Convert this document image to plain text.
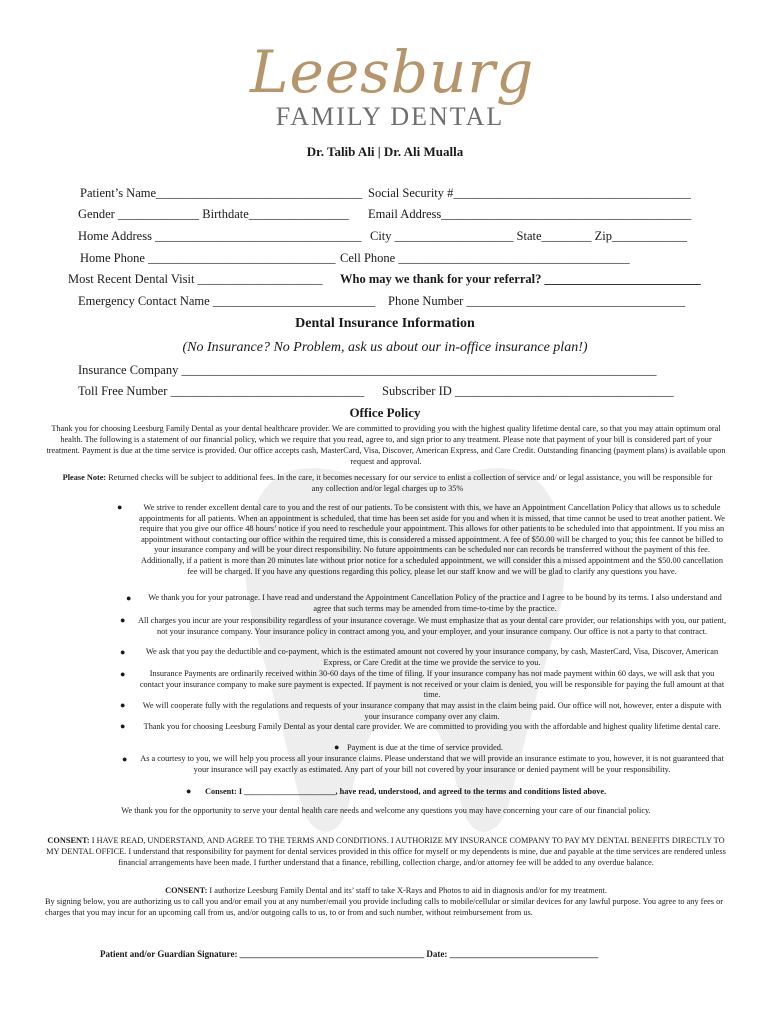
Leesburg
FAMILY DENTAL
Dr. Talib Ali | Dr. Ali Mualla
Patient’s Name_________________________________ Social Security #______________________________________
Gender _____________ Birthdate________________ Email Address________________________________________
Home Address _________________________________ City ___________________ State________ Zip____________
Home Phone ______________________________ Cell Phone _____________________________________
Most Recent Dental Visit ____________________ Who may we thank for your referral? _________________________
Emergency Contact Name __________________________ Phone Number ___________________________________
Dental Insurance Information
(No Insurance? No Problem, ask us about our in-office insurance plan!)
Insurance Company ____________________________________________________________________________
Toll Free Number _______________________________ Subscriber ID ___________________________________
Office Policy
Thank you for choosing Leesburg Family Dental as your dental healthcare provider. We are committed to providing you with the highest quality lifetime dental care, so that you may attain optimum oral health. The following is a statement of our financial policy, which we require that you read, agree to, and sign prior to any treatment. Please note that payment of your bill is considered part of your treatment. Payment is due at the time service is provided. Our office accepts cash, MasterCard, Visa, Discover, American Express, and Care Credit. Outstanding financing (payment plans) is available upon request and approval.
Please Note: Returned checks will be subject to additional fees. In the care, it becomes necessary for our service to enlist a collection of service and/ or legal assistance, you will be responsible for any collection and/or legal charges up to 35%
●	We strive to render excellent dental care to you and the rest of our patients. To be consistent with this, we have an Appointment Cancellation Policy that allows us to schedule appointments for all patients. When an appointment is scheduled, that time has been set aside for you and when it is missed, that time cannot be used to treat another patient. We require that you give our office 48 hours’ notice if you need to reschedule your appointment. This allows for other patients to be scheduled into that appointment. If you miss an appointment without contacting our office within the required time, this is considered a missed appointment. A fee of $50.00 will be charged to you; this fee cannot be billed to your insurance company and will be your direct responsibility. No future appointments can be scheduled nor can records be transferred without the payment of this fee. Additionally, if a patient is more than 20 minutes late without prior notice for a scheduled appointment, we will consider this a missed appointment and the $50.00 cancellation fee will be charged. If you have any questions regarding this policy, please let our staff know and we will be glad to clarify any questions you have.
●	We thank you for your patronage. I have read and understand the Appointment Cancellation Policy of the practice and I agree to be bound by its terms. I also understand and agree that such terms may be amended from time-to-time by the practice.
● All charges you incur are your responsibility regardless of your insurance coverage. We must emphasize that as your dental care provider, our relationships with you, our patient, not your insurance company. Your insurance policy in contract among you, and your employer, and your insurance company. Our office is not a party to that contract.
●	We ask that you pay the deductible and co-payment, which is the estimated amount not covered by your insurance company, by cash, MasterCard, Visa, Discover, American Express, or Care Credit at the time we provide the service to you.
●	Insurance Payments are ordinarily received within 30-60 days of the time of filing. If your insurance company has not made payment within 60 days, we will ask that you contact your insurance company to make sure payment is expected. If payment is not received or your claim is denied, you will be responsible for paying the full amount at that time.
●	We will cooperate fully with the regulations and requests of your insurance company that may assist in the claim being paid. Our office will not, however, enter a dispute with your insurance company over any claim.
●	Thank you for choosing Leesburg Family Dental as your dental care provider. We are committed to providing you with the affordable and highest quality lifetime dental care.
● Payment is due at the time of service provided.
●	As a courtesy to you, we will help you process all your insurance claims. Please understand that we will provide an insurance estimate to you, however, it is not guaranteed that your insurance will pay exactly as estimated. Any part of your bill not covered by your insurance or denied payment will be your responsibility.
● Consent: I ______________________, have read, understood, and agreed to the terms and conditions listed above.
We thank you for the opportunity to serve your dental health care needs and welcome any questions you may have concerning your care of our financial policy.
CONSENT: I HAVE READ, UNDERSTAND, AND AGREE TO THE TERMS AND CONDITIONS. I AUTHORIZE MY INSURANCE COMPANY TO PAY MY DENTAL BENEFITS DIRECTLY TO MY DENTAL OFFICE. I understand that responsibility for payment for dental services provided in this office for myself or my dependents is mine, due and payable at the time services are rendered unless financial arrangements have been made. I further understand that a finance, rebilling, collection charge, and/or attorney fee will be added to any overdue balance.
CONSENT: I authorize Leesburg Family Dental and its’ staff to take X-Rays and Photos to aid in diagnosis and/or for my treatment.
By signing below, you are authorizing us to call you and/or email you at any number/email you provide including calls to mobile/cellular or similar devices for any lawful purpose. You agree to any fees or charges that you may incur for an upcoming call from us, and/or outgoing calls to us, to or from and such number, without reimbursement from us.
Patient and/or Guardian Signature: _________________________________________ Date: _________________________________
